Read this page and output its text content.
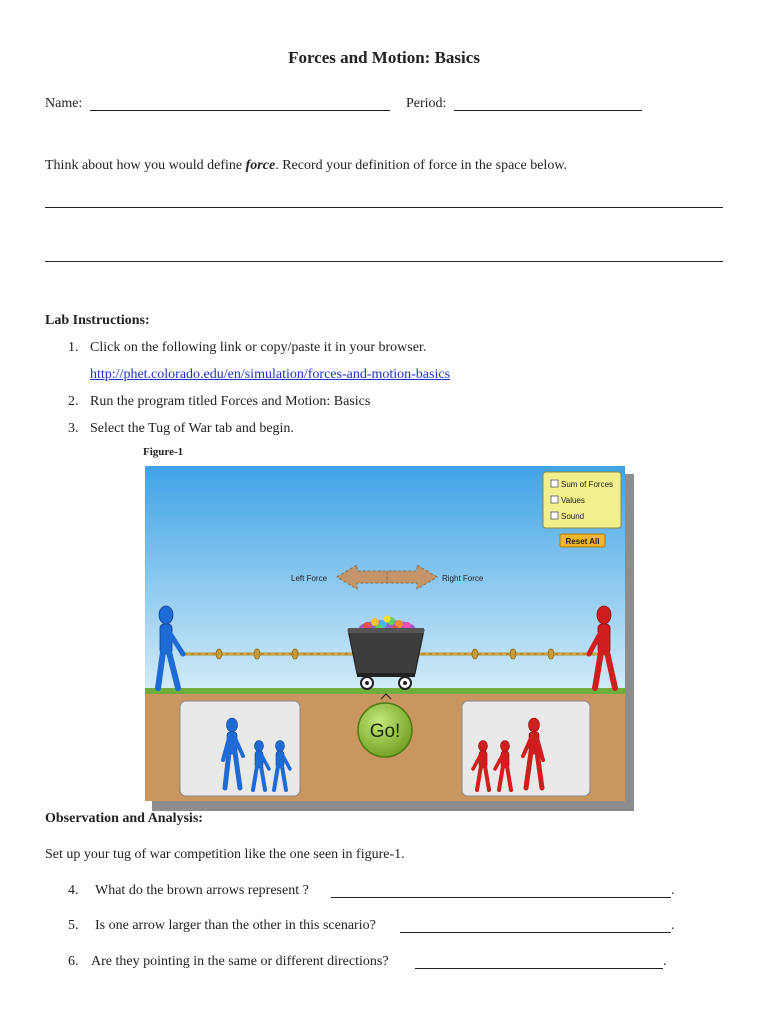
Forces and Motion: Basics
Name:	Period:
Think about how you would define force. Record your definition of force in the space below.
Lab Instructions:
1. Click on the following link or copy/paste it in your browser.
http://phet.colorado.edu/en/simulation/forces-and-motion-basics
2. Run the program titled Forces and Motion: Basics
3. Select the Tug of War tab and begin.
Figure-1
Sum of Forces
Values
Sound
Reset All
Left Force	Right Force
Go!
Observation and Analysis:
Set up your tug of war competition like the one seen in figure-1.
4. What do the brown arrows represent ?	.
5. Is one arrow larger than the other in this scenario?	.
6. Are they pointing in the same or different directions?	.
